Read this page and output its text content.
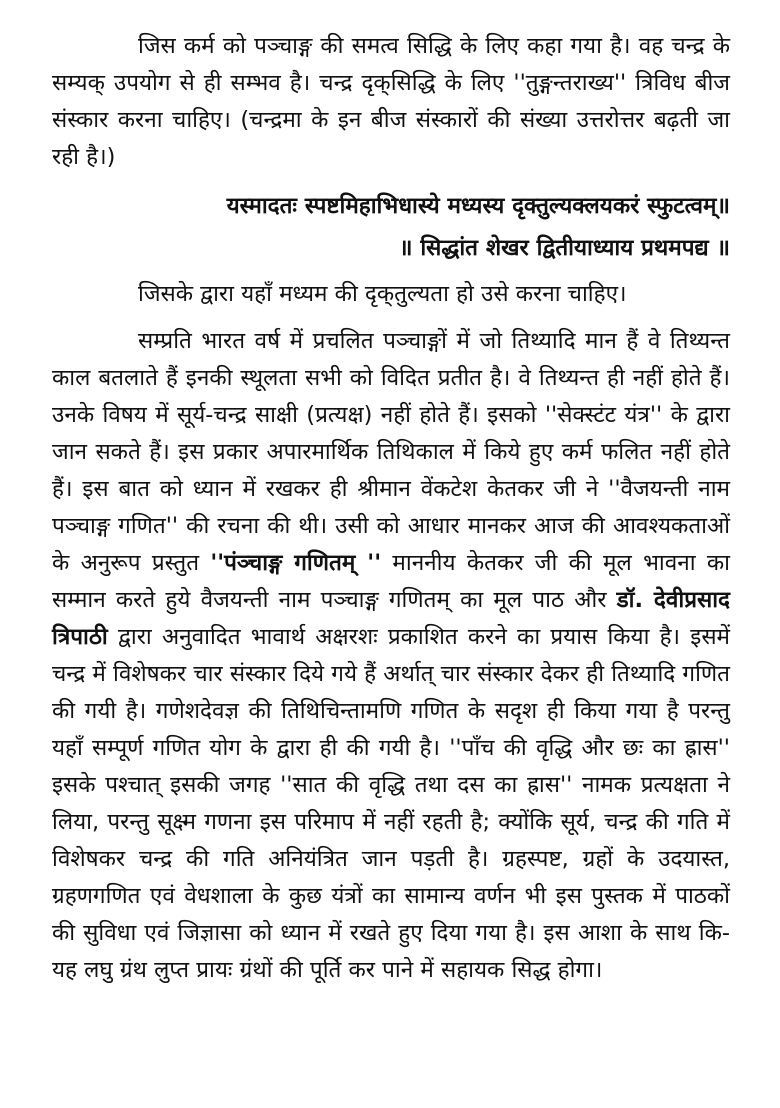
जिस कर्म को पञ्चाङ्ग की समत्व सिद्धि के लिए कहा गया है। वह चन्द्र के सम्यक् उपयोग से ही सम्भव है। चन्द्र दृक्‌सिद्धि के लिए ''तुङ्गन्तराख्य'' त्रिविध बीज संस्कार करना चाहिए। (चन्द्रमा के इन बीज संस्कारों की संख्या उत्तरोत्तर बढ़ती जा रही है।)

यस्मादतः स्पष्टमिहाभिधास्ये मध्यस्य दृक्तुल्यक्लयकरं स्फुटत्वम्॥

॥ सिद्धांत शेखर द्वितीयाध्याय प्रथमपद्य ॥

जिसके द्वारा यहाँ मध्यम की दृक्‌तुल्यता हो उसे करना चाहिए।

सम्प्रति भारत वर्ष में प्रचलित पञ्चाङ्गों में जो तिथ्यादि मान हैं वे तिथ्यन्त काल बतलाते हैं इनकी स्थूलता सभी को विदित प्रतीत है। वे तिथ्यन्त ही नहीं होते हैं। उनके विषय में सूर्य-चन्द्र साक्षी (प्रत्यक्ष) नहीं होते हैं। इसको ''सेक्स्टंट यंत्र'' के द्वारा जान सकते हैं। इस प्रकार अपारमार्थिक तिथिकाल में किये हुए कर्म फलित नहीं होते हैं। इस बात को ध्यान में रखकर ही श्रीमान वेंकटेश केतकर जी ने ''वैजयन्ती नाम पञ्चाङ्ग गणित'' की रचना की थी। उसी को आधार मानकर आज की आवश्यकताओं के अनुरूप प्रस्तुत ''पंञ्चाङ्ग गणितम् '' माननीय केतकर जी की मूल भावना का सम्मान करते हुये वैजयन्ती नाम पञ्चाङ्ग गणितम् का मूल पाठ और डॉ. देवीप्रसाद त्रिपाठी द्वारा अनुवादित भावार्थ अक्षरशः प्रकाशित करने का प्रयास किया है। इसमें चन्द्र में विशेषकर चार संस्कार दिये गये हैं अर्थात् चार संस्कार देकर ही तिथ्यादि गणित की गयी है। गणेशदेवज्ञ की तिथिचिन्तामणि गणित के सदृश ही किया गया है परन्तु यहाँ सम्पूर्ण गणित योग के द्वारा ही की गयी है। ''पाँच की वृद्धि और छः का ह्रास'' इसके पश्चात् इसकी जगह ''सात की वृद्धि तथा दस का ह्रास'' नामक प्रत्यक्षता ने लिया, परन्तु सूक्ष्म गणना इस परिमाप में नहीं रहती है; क्योंकि सूर्य, चन्द्र की गति में विशेषकर चन्द्र की गति अनियंत्रित जान पड़ती है। ग्रहस्पष्ट, ग्रहों के उदयास्त, ग्रहणगणित एवं वेधशाला के कुछ यंत्रों का सामान्य वर्णन भी इस पुस्तक में पाठकों की सुविधा एवं जिज्ञासा को ध्यान में रखते हुए दिया गया है। इस आशा के साथ कि-यह लघु ग्रंथ लुप्त प्रायः ग्रंथों की पूर्ति कर पाने में सहायक सिद्ध होगा।
